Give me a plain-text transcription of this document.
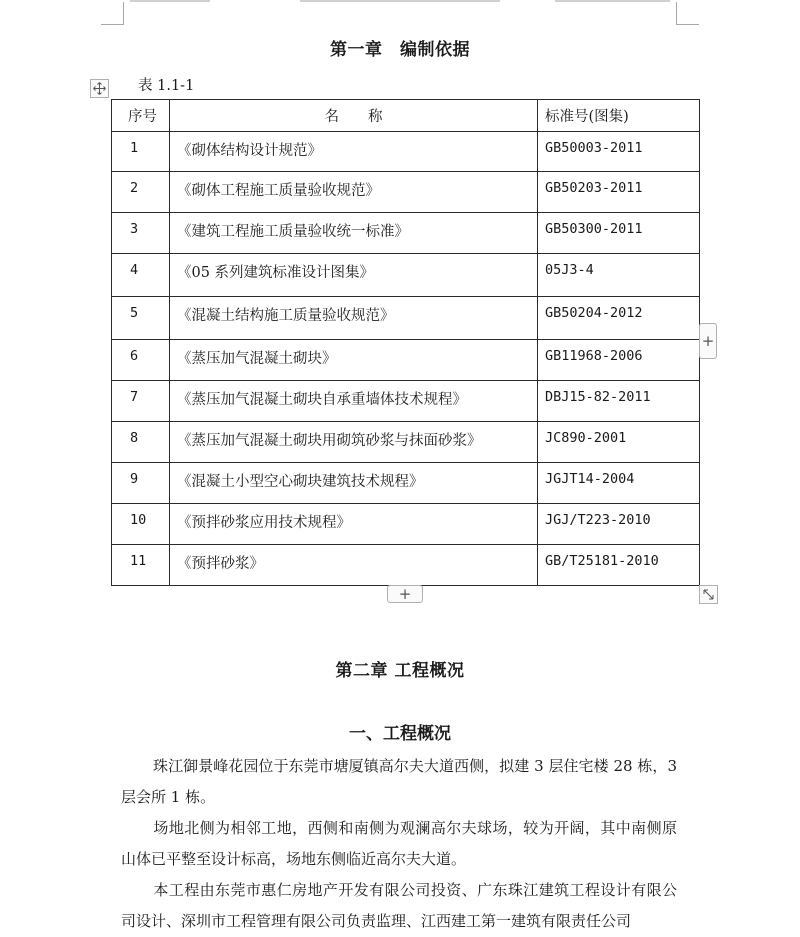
第一章　编制依据
表 1.1-1
序号	名　　称	标准号(图集)
1	《砌体结构设计规范》	GB50003-2011
2	《砌体工程施工质量验收规范》	GB50203-2011
3	《建筑工程施工质量验收统一标准》	GB50300-2011
4	《05 系列建筑标准设计图集》	05J3-4
5	《混凝土结构施工质量验收规范》	GB50204-2012
6	《蒸压加气混凝土砌块》	GB11968-2006
7	《蒸压加气混凝土砌块自承重墙体技术规程》	DBJ15-82-2011
8	《蒸压加气混凝土砌块用砌筑砂浆与抹面砂浆》	JC890-2001
9	《混凝土小型空心砌块建筑技术规程》	JGJT14-2004
10	《预拌砂浆应用技术规程》	JGJ/T223-2010
11	《预拌砂浆》	GB/T25181-2010
+
+
第二章 工程概况
一、工程概况
珠江御景峰花园位于东莞市塘厦镇高尔夫大道西侧，拟建 3 层住宅楼 28 栋，3 层会所 1 栋。
场地北侧为相邻工地，西侧和南侧为观澜高尔夫球场，较为开阔，其中南侧原山体已平整至设计标高，场地东侧临近高尔夫大道。
本工程由东莞市惠仁房地产开发有限公司投资、广东珠江建筑工程设计有限公司设计、深圳市工程管理有限公司负责监理、江西建工第一建筑有限责任公司
